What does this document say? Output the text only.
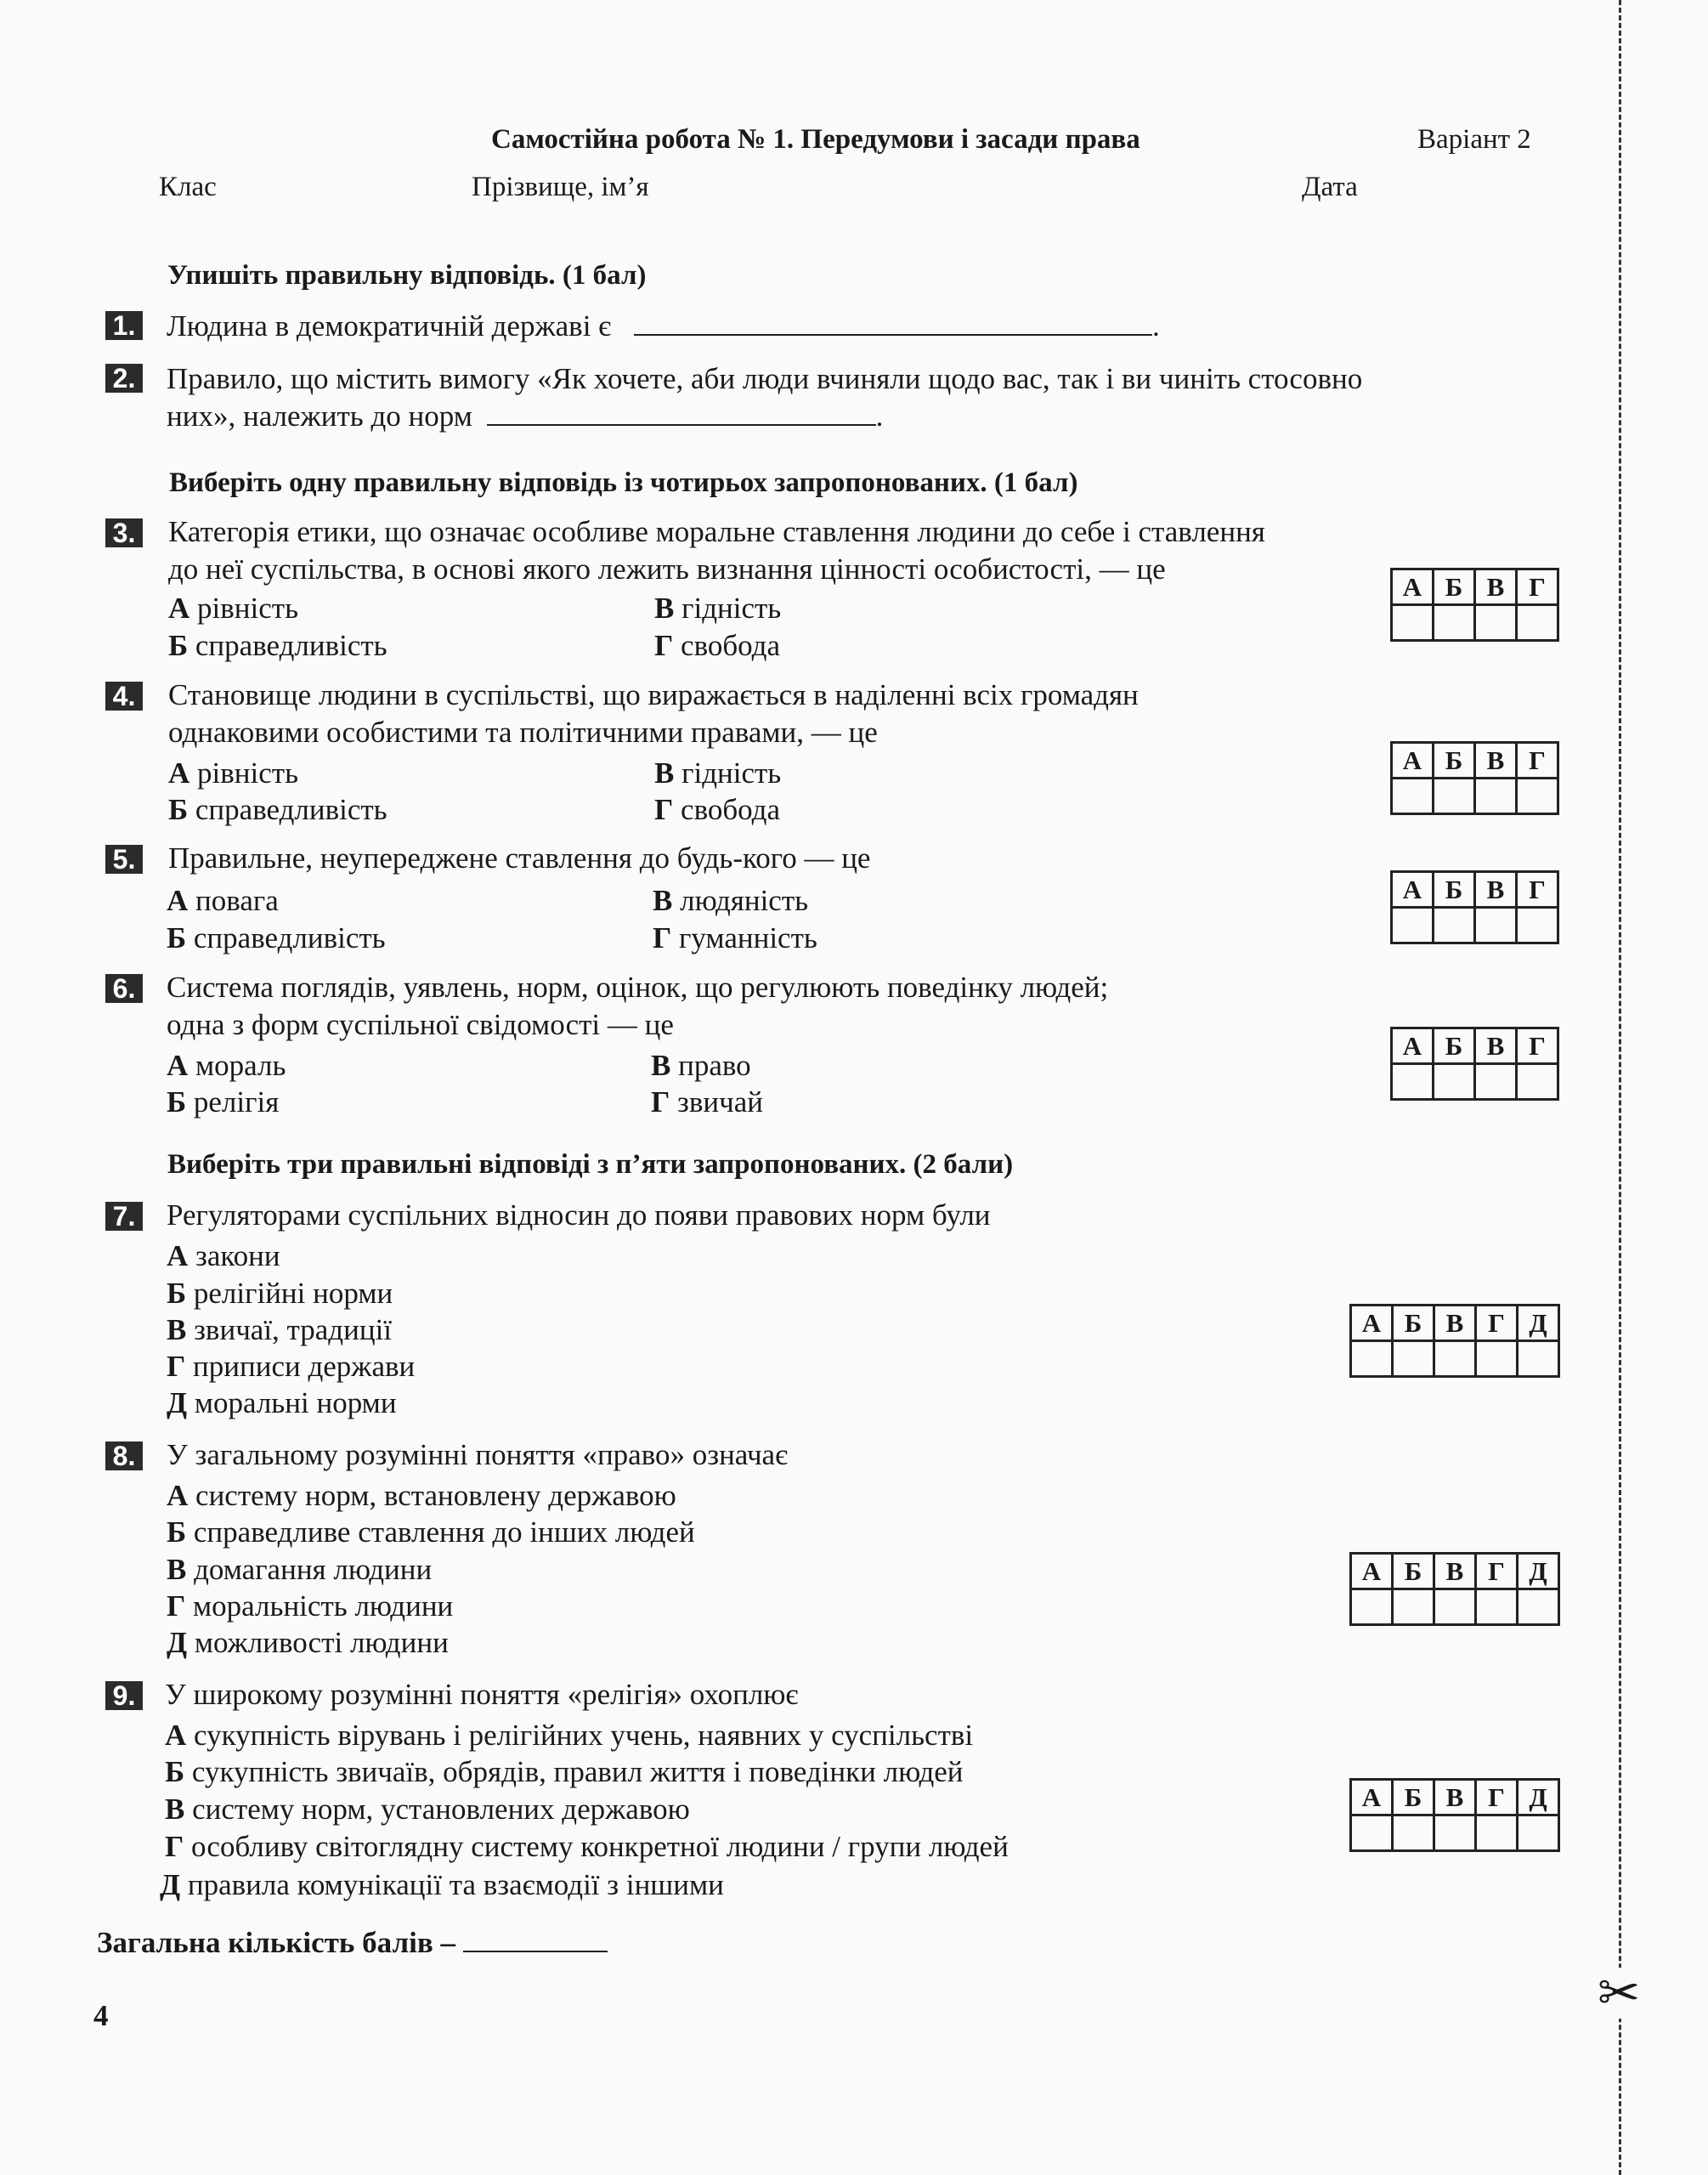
Самостійна робота № 1. Передумови і засади права	Варіант 2
Клас	Прізвище, ім’я	Дата
Упишіть правильну відповідь. (1 бал)
1. Людина в демократичній державі є	.
2. Правило, що містить вимогу «Як хочете, аби люди вчиняли щодо вас, так і ви чиніть стосовно
них», належить до норм	.
Виберіть одну правильну відповідь із чотирьох запропонованих. (1 бал)
3. Категорія етики, що означає особливе моральне ставлення людини до себе і ставлення
до неї суспільства, в основі якого лежить визнання цінності особистості, — це
А рівність
Б справедливість
В гідність
Г свобода
А	Б	В	Г

4. Становище людини в суспільстві, що виражається в наділенні всіх громадян
однаковими особистими та політичними правами, — це
А рівність
Б справедливість
В гідність
Г свобода
А	Б	В	Г

5. Правильне, неупереджене ставлення до будь-кого — це
А повага
Б справедливість
В людяність
Г гуманність
А	Б	В	Г

6. Система поглядів, уявлень, норм, оцінок, що регулюють поведінку людей;
одна з форм суспільної свідомості — це
А мораль
Б релігія
В право
Г звичай
А	Б	В	Г

Виберіть три правильні відповіді з п’яти запропонованих. (2 бали)
7. Регуляторами суспільних відносин до появи правових норм були
А закони
Б релігійні норми
В звичаї, традиції
Г приписи держави
Д моральні норми
А	Б	В	Г	Д

8. У загальному розумінні поняття «право» означає
А систему норм, встановлену державою
Б справедливе ставлення до інших людей
В домагання людини
Г моральність людини
Д можливості людини
А	Б	В	Г	Д

9. У широкому розумінні поняття «релігія» охоплює
А сукупність вірувань і релігійних учень, наявних у суспільстві
Б сукупність звичаїв, обрядів, правил життя і поведінки людей
В систему норм, установлених державою
Г особливу світоглядну систему конкретної людини / групи людей
Д правила комунікації та взаємодії з іншими
А	Б	В	Г	Д

Загальна кількість балів –
4	✂
